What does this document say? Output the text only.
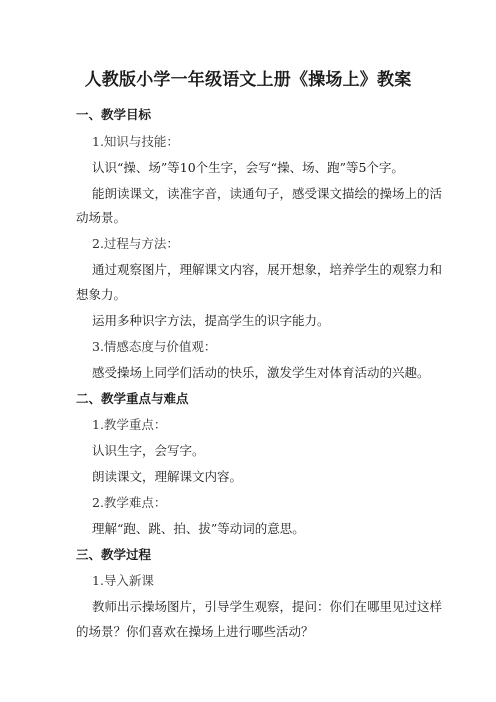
人教版小学一年级语文上册《操场上》教案
一、教学目标
1.知识与技能：
认识“操、场”等10个生字，会写“操、场、跑”等5个字。
能朗读课文，读准字音，读通句子，感受课文描绘的操场上的活
动场景。
2.过程与方法：
通过观察图片，理解课文内容，展开想象，培养学生的观察力和
想象力。
运用多种识字方法，提高学生的识字能力。
3.情感态度与价值观：
感受操场上同学们活动的快乐，激发学生对体育活动的兴趣。
二、教学重点与难点
1.教学重点：
认识生字，会写字。
朗读课文，理解课文内容。
2.教学难点：
理解“跑、跳、拍、拔”等动词的意思。
三、教学过程
1.导入新课
教师出示操场图片，引导学生观察，提问：你们在哪里见过这样
的场景？你们喜欢在操场上进行哪些活动？
